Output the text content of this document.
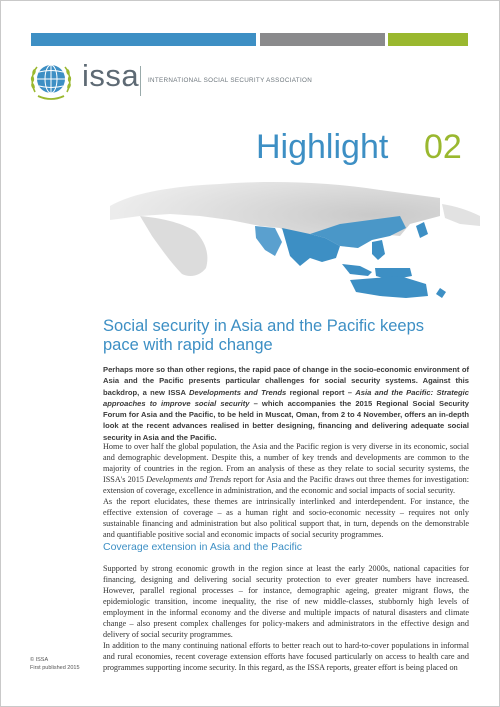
issa INTERNATIONAL SOCIAL SECURITY ASSOCIATION
Highlight 02
Social security in Asia and the Pacific keeps pace with rapid change

Perhaps more so than other regions, the rapid pace of change in the socio-economic environment of Asia and the Pacific presents particular challenges for social security systems. Against this backdrop, a new ISSA Developments and Trends regional report – Asia and the Pacific: Strategic approaches to improve social security – which accompanies the 2015 Regional Social Security Forum for Asia and the Pacific, to be held in Muscat, Oman, from 2 to 4 November, offers an in-depth look at the recent advances realised in better designing, financing and delivering adequate social security in Asia and the Pacific.

Home to over half the global population, the Asia and the Pacific region is very diverse in its economic, social and demographic development. Despite this, a number of key trends and developments are common to the majority of countries in the region. From an analysis of these as they relate to social security systems, the ISSA's 2015 Developments and Trends report for Asia and the Pacific draws out three themes for investigation: extension of coverage, excellence in administration, and the economic and social impacts of social security.

As the report elucidates, these themes are intrinsically interlinked and interdependent. For instance, the effective extension of coverage – as a human right and socio-economic necessity – requires not only sustainable financing and administration but also political support that, in turn, depends on the demonstrable and quantifiable positive social and economic impacts of social security programmes.

Coverage extension in Asia and the Pacific

Supported by strong economic growth in the region since at least the early 2000s, national capacities for financing, designing and delivering social security protection to ever greater numbers have increased. However, parallel regional processes – for instance, demographic ageing, greater migrant flows, the epidemiologic transition, income inequality, the rise of new middle-classes, stubbornly high levels of employment in the informal economy and the diverse and multiple impacts of natural disasters and climate change – also present complex challenges for policy-makers and administrators in the effective design and delivery of social security programmes.

In addition to the many continuing national efforts to better reach out to hard-to-cover populations in informal and rural economies, recent coverage extension efforts have focused particularly on access to health care and programmes supporting income security. In this regard, as the ISSA reports, greater effort is being placed on

© ISSA
First published 2015
